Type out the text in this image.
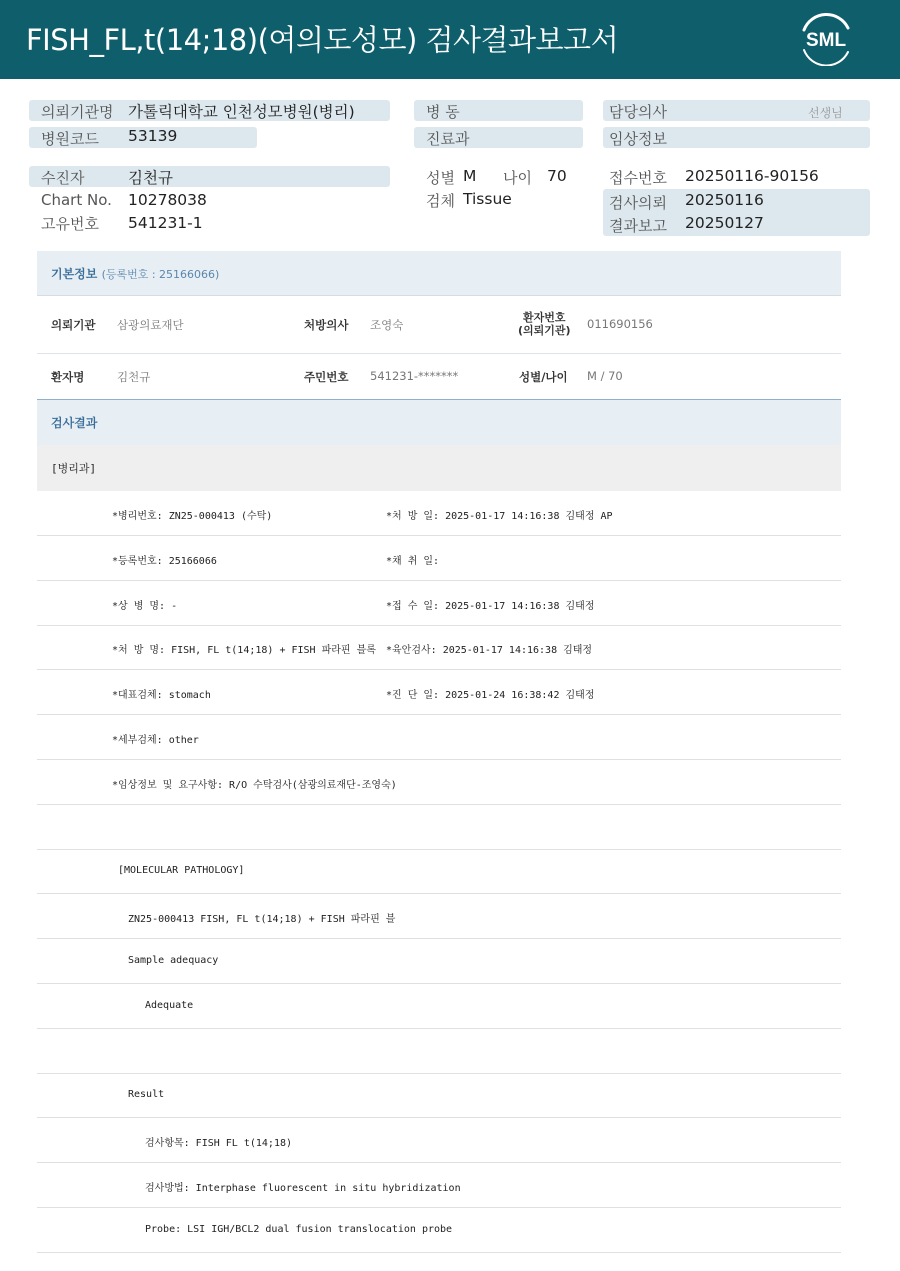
FISH_FL,t(14;18)(여의도성모) 검사결과보고서	SML
의뢰기관명 가톨릭대학교 인천성모병원(병리)
병원코드 53139
병 동
진료과
담당의사	선생님
임상정보
수진자	김천규
Chart No. 10278038
고유번호 541231-1
성별 M 나이 70
검체 Tissue
접수번호 20250116-90156
검사의뢰 20250116
결과보고 20250127
기본정보 (등록번호 : 25166066)
의뢰기관 삼광의료재단	처방의사 조영숙
환자번호
(의뢰기관) 011690156
환자명	김천규	주민번호 541231-*******	성별/나이 M / 70
검사결과
[병리과]
*병리번호: ZN25-000413 (수탁)	*처 방 일: 2025-01-17 14:16:38 김태정 AP
*등록번호: 25166066	*채 취 일:
*상 병 명: -	*접 수 일: 2025-01-17 14:16:38 김태정
*처 방 명: FISH, FL t(14;18) + FISH 파라핀 블록 *육안검사: 2025-01-17 14:16:38 김태정
*대표검체: stomach	*진 단 일: 2025-01-24 16:38:42 김태정
*세부검체: other
*임상정보 및 요구사항: R/O 수탁검사(삼광의료재단-조영숙)
[MOLECULAR PATHOLOGY]
ZN25-000413 FISH, FL t(14;18) + FISH 파라핀 블
Sample adequacy
Adequate
Result
검사항목: FISH FL t(14;18)
검사방법: Interphase fluorescent in situ hybridization
Probe: LSI IGH/BCL2 dual fusion translocation probe
